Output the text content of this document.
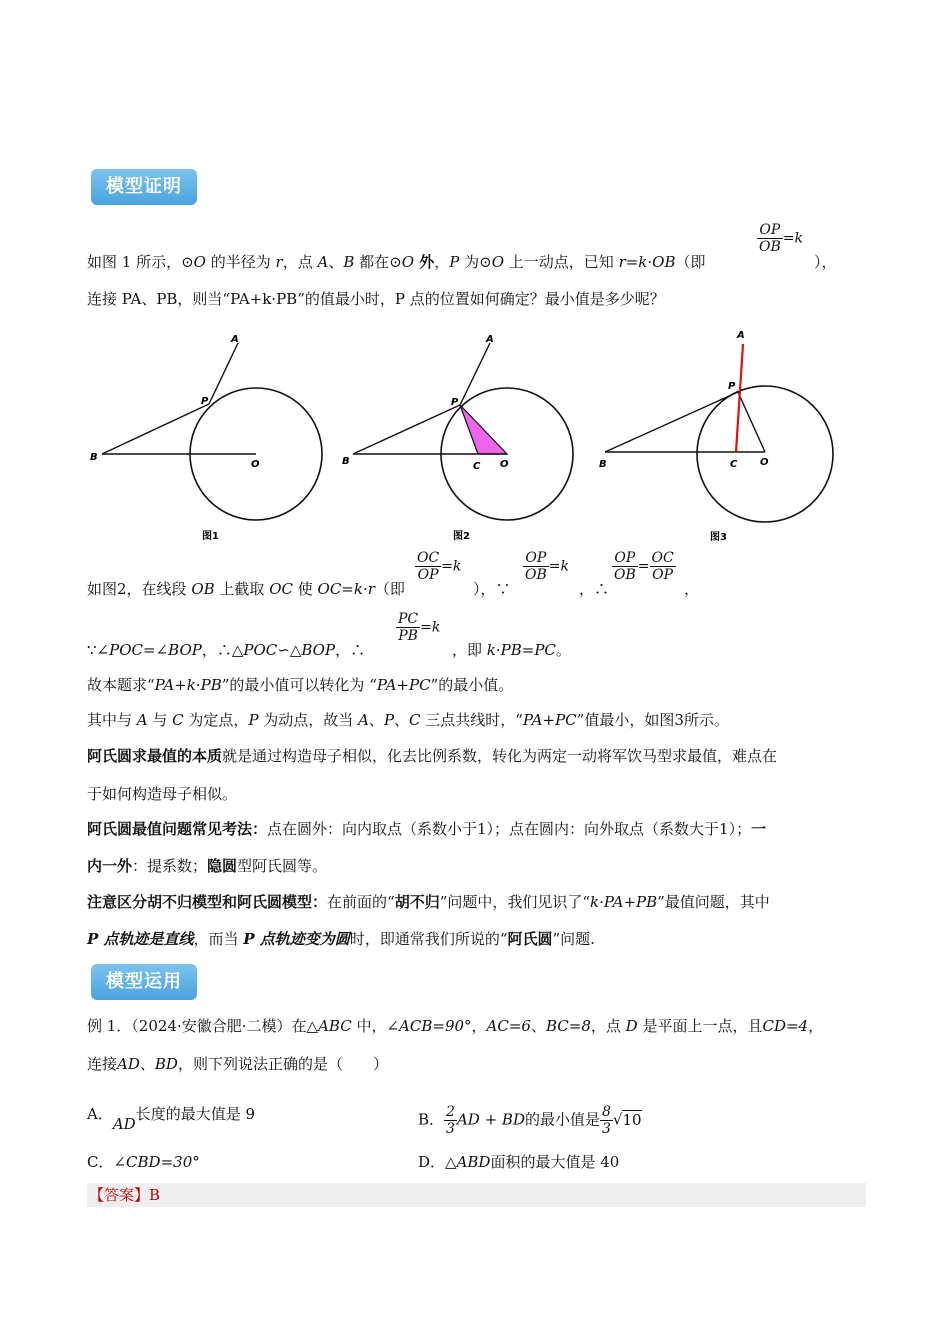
模型证明
如图 1 所示，⊙O 的半径为 r，点 A、B 都在⊙O 外，P 为⊙O 上一动点，已知 r=k·OB（即
$\frac{OP}{OB} =k$
），
连接 PA、PB，则当“PA+k·PB”的值最小时，P 点的位置如何确定？最小值是多少呢？
A
B
O
P
图1
A
B	O
C
P
图2
A
B	O
C
P
图3
如图2，在线段 OB 上截取 OC 使 OC=k·r（即
$\frac{OC}{OP} =k$
），∵
$\frac{OP}{OB} =k$
，∴
$\frac{OP}{OB} = \frac{OC}{OP}$
，
∵∠POC=∠BOP，∴△POC∽△BOP，∴
$\frac{PC}{PB} =k$
，即 k·PB=PC。
故本题求“PA+k·PB”的最小值可以转化为 “PA+PC”的最小值。
其中与 A 与 C 为定点，P 为动点，故当 A、P、C 三点共线时，“PA+PC”值最小，如图3所示。
阿氏圆求最值的本质就是通过构造母子相似，化去比例系数，转化为两定一动将军饮马型求最值，难点在
于如何构造母子相似。
阿氏圆最值问题常见考法：点在圆外：向内取点（系数小于1）；点在圆内：向外取点（系数大于1）；一
内一外：提系数；隐圆型阿氏圆等。
注意区分胡不归模型和阿氏圆模型：在前面的“胡不归”问题中，我们见识了“k·PA+PB”最值问题，其中
P 点轨迹是直线，而当 P 点轨迹变为圆时，即通常我们所说的“阿氏圆”问题.
模型运用
例 1．（2024·安徽合肥·二模）在△ABC 中，∠ACB=90°，AC=6、BC=8，点 D 是平面上一点，且CD=4，
连接AD、BD，则下列说法正确的是（　　）
A．AD长度的最大值是 9	B． $\frac{2}{3}$ AD + BD的最小值是 $\frac{8}{3} √10$
C．∠CBD=30°	D．△ABD面积的最大值是 40
【答案】B
